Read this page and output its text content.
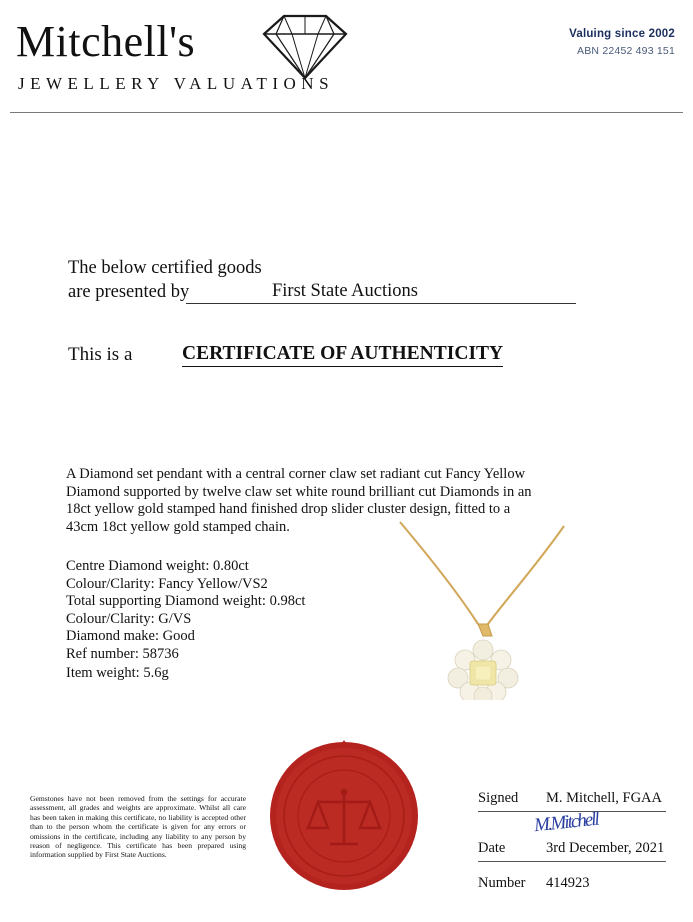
Mitchell's
JEWELLERY VALUATIONS
Valuing since 2002
ABN 22452 493 151
The below certified goods
are presented by	First State Auctions
This is a	CERTIFICATE OF AUTHENTICITY
A Diamond set pendant with a central corner claw set radiant cut Fancy Yellow Diamond supported by twelve claw set white round brilliant cut Diamonds in an 18ct yellow gold stamped hand finished drop slider cluster design, fitted to a 43cm 18ct yellow gold stamped chain.
Centre Diamond weight: 0.80ct
Colour/Clarity: Fancy Yellow/VS2
Total supporting Diamond weight: 0.98ct
Colour/Clarity: G/VS
Diamond make: Good
Ref number: 58736
Item weight: 5.6g
Gemstones have not been removed from the settings for accurate assessment, all grades and weights are approximate. Whilst all care has been taken in making this certificate, no liability is accepted other than to the person whom the certificate is given for any errors or omissions in the certificate, including any liability to any person by reason of negligence. This certificate has been prepared using information supplied by First State Auctions.
Signed M. Mitchell, FGAA
M.Mitchell
Date	3rd December, 2021
Number 414923
